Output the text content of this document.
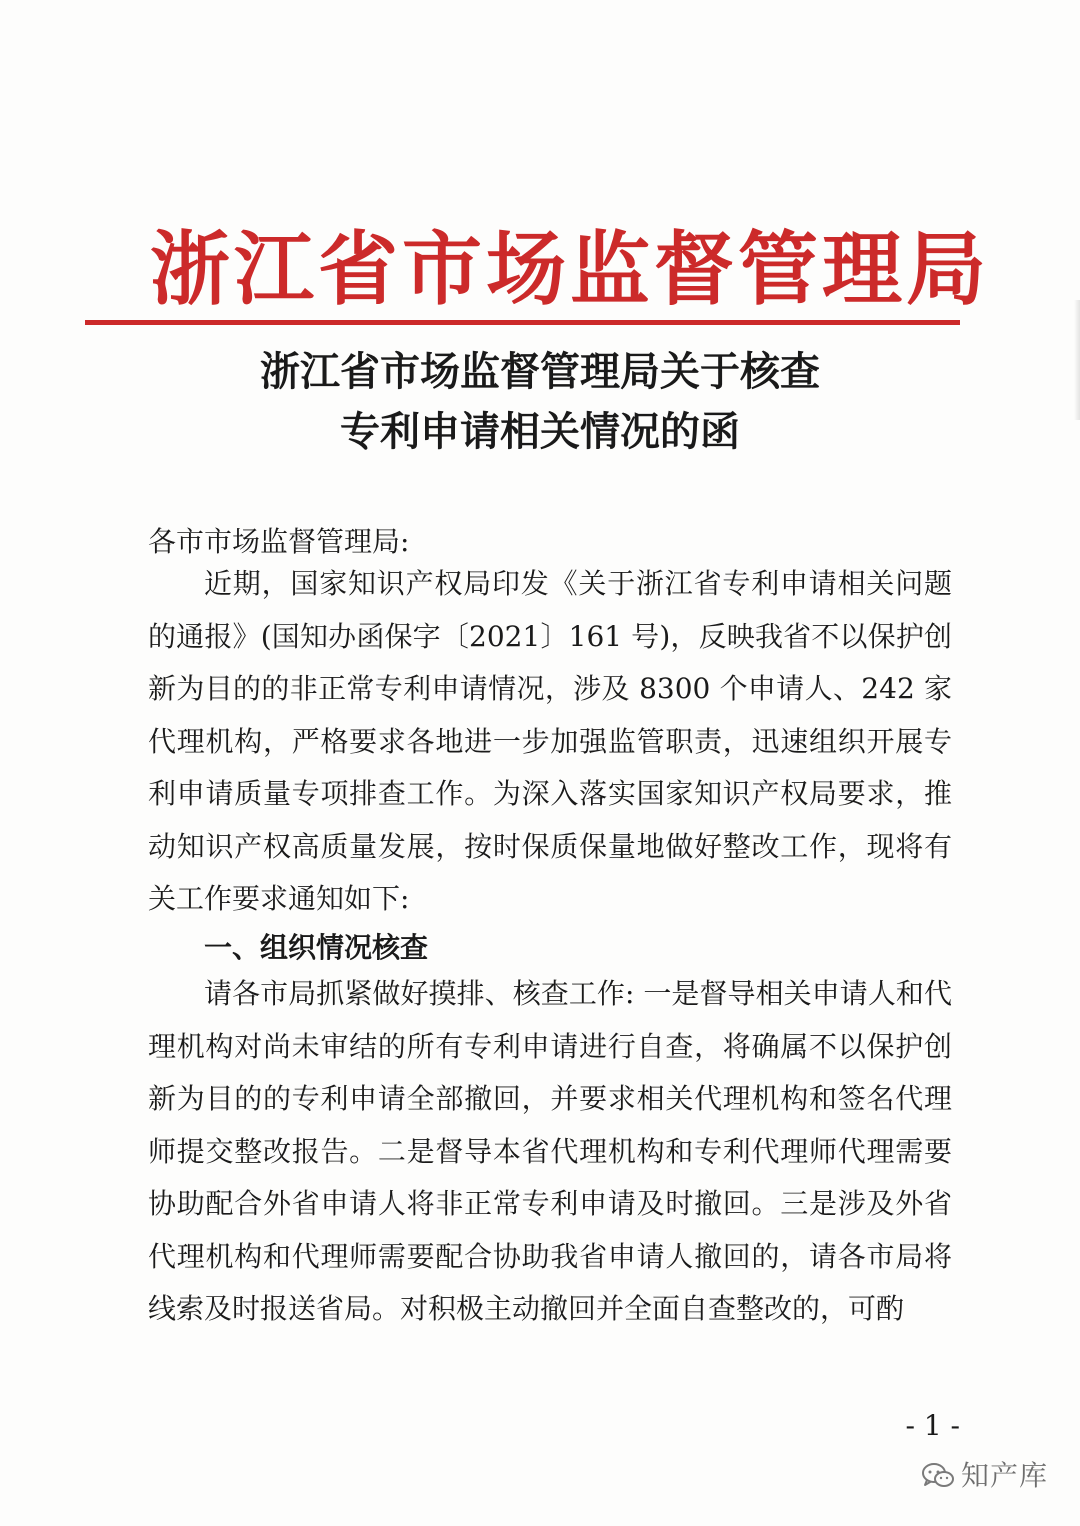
浙江省市场监督管理局
浙江省市场监督管理局关于核查
专利申请相关情况的函

各市市场监督管理局:

近期，国家知识产权局印发《关于浙江省专利申请相关问题的通报》(国知办函保字〔2021〕161 号)，反映我省不以保护创新为目的的非正常专利申请情况，涉及 8300 个申请人、242 家代理机构，严格要求各地进一步加强监管职责，迅速组织开展专利申请质量专项排查工作。为深入落实国家知识产权局要求，推动知识产权高质量发展，按时保质保量地做好整改工作，现将有关工作要求通知如下:

一、组织情况核查

请各市局抓紧做好摸排、核查工作: 一是督导相关申请人和代理机构对尚未审结的所有专利申请进行自查，将确属不以保护创新为目的的专利申请全部撤回，并要求相关代理机构和签名代理师提交整改报告。二是督导本省代理机构和专利代理师代理需要协助配合外省申请人将非正常专利申请及时撤回。三是涉及外省代理机构和代理师需要配合协助我省申请人撤回的，请各市局将线索及时报送省局。对积极主动撤回并全面自查整改的，可酌

- 1 -
知产库
